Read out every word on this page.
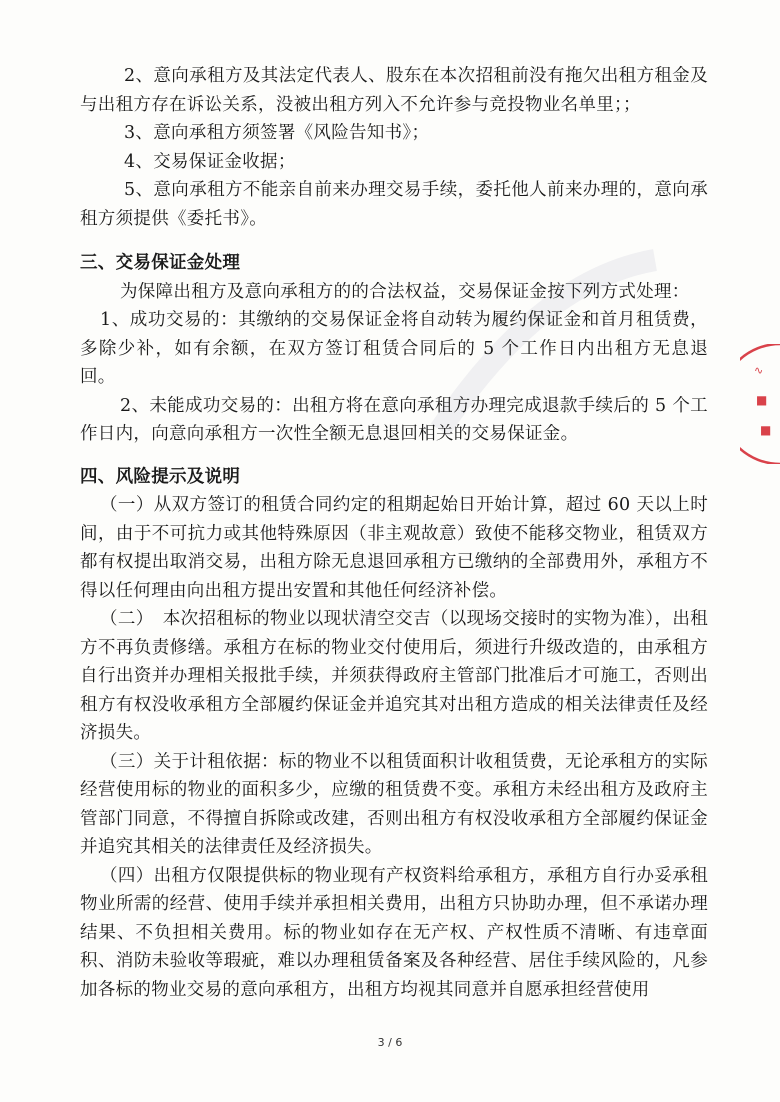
∿
■
■

2、意向承租方及其法定代表人、股东在本次招租前没有拖欠出租方租金及与出租方存在诉讼关系，没被出租方列入不允许参与竞投物业名单里；；

3、意向承租方须签署《风险告知书》；

4、交易保证金收据；

5、意向承租方不能亲自前来办理交易手续，委托他人前来办理的，意向承租方须提供《委托书》。

三、交易保证金处理

为保障出租方及意向承租方的的合法权益，交易保证金按下列方式处理：

1、成功交易的：其缴纳的交易保证金将自动转为履约保证金和首月租赁费，多除少补，如有余额，在双方签订租赁合同后的 5 个工作日内出租方无息退回。

2、未能成功交易的：出租方将在意向承租方办理完成退款手续后的 5 个工作日内，向意向承租方一次性全额无息退回相关的交易保证金。

四、风险提示及说明

（一）从双方签订的租赁合同约定的租期起始日开始计算，超过 60 天以上时间，由于不可抗力或其他特殊原因（非主观故意）致使不能移交物业，租赁双方都有权提出取消交易，出租方除无息退回承租方已缴纳的全部费用外，承租方不得以任何理由向出租方提出安置和其他任何经济补偿。

（二）　本次招租标的物业以现状清空交吉（以现场交接时的实物为准），出租方不再负责修缮。承租方在标的物业交付使用后，须进行升级改造的，由承租方自行出资并办理相关报批手续，并须获得政府主管部门批准后才可施工，否则出租方有权没收承租方全部履约保证金并追究其对出租方造成的相关法律责任及经济损失。

（三）关于计租依据：标的物业不以租赁面积计收租赁费，无论承租方的实际经营使用标的物业的面积多少，应缴的租赁费不变。承租方未经出租方及政府主管部门同意，不得擅自拆除或改建，否则出租方有权没收承租方全部履约保证金并追究其相关的法律责任及经济损失。

（四）出租方仅限提供标的物业现有产权资料给承租方，承租方自行办妥承租物业所需的经营、使用手续并承担相关费用，出租方只协助办理，但不承诺办理结果、不负担相关费用。标的物业如存在无产权、产权性质不清晰、有违章面积、消防未验收等瑕疵，难以办理租赁备案及各种经营、居住手续风险的，凡参加各标的物业交易的意向承租方，出租方均视其同意并自愿承担经营使用

3 / 6
